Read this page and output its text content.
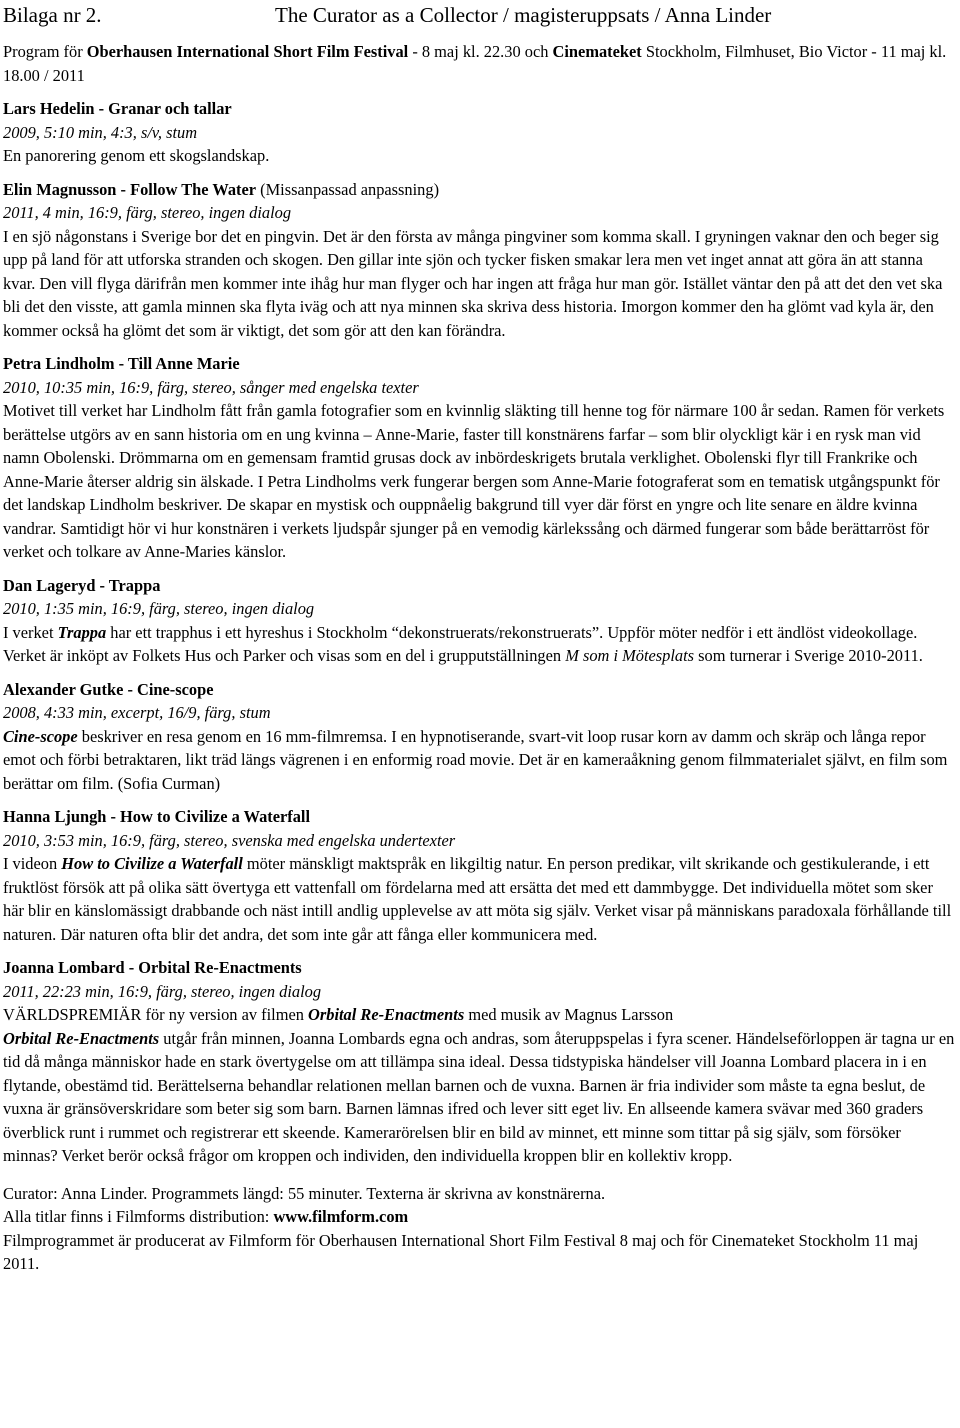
Bilaga nr 2.	The Curator as a Collector / magisteruppsats / Anna Linder

Program för Oberhausen International Short Film Festival - 8 maj kl. 22.30 och Cinemateket Stockholm, Filmhuset, Bio Victor - 11 maj kl. 18.00 / 2011

Lars Hedelin - Granar och tallar

2009, 5:10 min, 4:3, s/v, stum

En panorering genom ett skogslandskap.

Elin Magnusson - Follow The Water (Missanpassad anpassning)

2011, 4 min, 16:9, färg, stereo, ingen dialog

I en sjö någonstans i Sverige bor det en pingvin. Det är den första av många pingviner som komma skall. I gryningen vaknar den och beger sig upp på land för att utforska stranden och skogen. Den gillar inte sjön och tycker fisken smakar lera men vet inget annat att göra än att stanna kvar. Den vill flyga därifrån men kommer inte ihåg hur man flyger och har ingen att fråga hur man gör. Istället väntar den på att det den vet ska bli det den visste, att gamla minnen ska flyta iväg och att nya minnen ska skriva dess historia. Imorgon kommer den ha glömt vad kyla är, den kommer också ha glömt det som är viktigt, det som gör att den kan förändra.

Petra Lindholm - Till Anne Marie

2010, 10:35 min, 16:9, färg, stereo, sånger med engelska texter

Motivet till verket har Lindholm fått från gamla fotografier som en kvinnlig släkting till henne tog för närmare 100 år sedan. Ramen för verkets berättelse utgörs av en sann historia om en ung kvinna – Anne-Marie, faster till konstnärens farfar – som blir olyckligt kär i en rysk man vid namn Obolenski. Drömmarna om en gemensam framtid grusas dock av inbördeskrigets brutala verklighet. Obolenski flyr till Frankrike och Anne-Marie återser aldrig sin älskade. I Petra Lindholms verk fungerar bergen som Anne-Marie fotograferat som en tematisk utgångspunkt för det landskap Lindholm beskriver. De skapar en mystisk och ouppnåelig bakgrund till vyer där först en yngre och lite senare en äldre kvinna vandrar. Samtidigt hör vi hur konstnären i verkets ljudspår sjunger på en vemodig kärlekssång och därmed fungerar som både berättarröst för verket och tolkare av Anne-Maries känslor.

Dan Lageryd - Trappa

2010, 1:35 min, 16:9, färg, stereo, ingen dialog

I verket Trappa har ett trapphus i ett hyreshus i Stockholm “dekonstruerats/rekonstruerats”. Uppför möter nedför i ett ändlöst videokollage. Verket är inköpt av Folkets Hus och Parker och visas som en del i grupputställningen M som i Mötesplats som turnerar i Sverige 2010-2011.

Alexander Gutke - Cine-scope

2008, 4:33 min, excerpt, 16/9, färg, stum

Cine-scope beskriver en resa genom en 16 mm-filmremsa. I en hypnotiserande, svart-vit loop rusar korn av damm och skräp och långa repor emot och förbi betraktaren, likt träd längs vägrenen i en enformig road movie. Det är en kameraåkning genom filmmaterialet självt, en film som berättar om film. (Sofia Curman)

Hanna Ljungh - How to Civilize a Waterfall

2010, 3:53 min, 16:9, färg, stereo, svenska med engelska undertexter

I videon How to Civilize a Waterfall möter mänskligt maktspråk en likgiltig natur. En person predikar, vilt skrikande och gestikulerande, i ett fruktlöst försök att på olika sätt övertyga ett vattenfall om fördelarna med att ersätta det med ett dammbygge. Det individuella mötet som sker här blir en känslomässigt drabbande och näst intill andlig upplevelse av att möta sig själv. Verket visar på människans paradoxala förhållande till naturen. Där naturen ofta blir det andra, det som inte går att fånga eller kommunicera med.

Joanna Lombard - Orbital Re-Enactments

2011, 22:23 min, 16:9, färg, stereo, ingen dialog

VÄRLDSPREMIÄR för ny version av filmen Orbital Re-Enactments med musik av Magnus Larsson

Orbital Re-Enactments utgår från minnen, Joanna Lombards egna och andras, som återuppspelas i fyra scener. Händelseförloppen är tagna ur en tid då många människor hade en stark övertygelse om att tillämpa sina ideal. Dessa tidstypiska händelser vill Joanna Lombard placera in i en flytande, obestämd tid. Berättelserna behandlar relationen mellan barnen och de vuxna. Barnen är fria individer som måste ta egna beslut, de vuxna är gränsöverskridare som beter sig som barn. Barnen lämnas ifred och lever sitt eget liv. En allseende kamera svävar med 360 graders överblick runt i rummet och registrerar ett skeende. Kamerarörelsen blir en bild av minnet, ett minne som tittar på sig själv, som försöker minnas? Verket berör också frågor om kroppen och individen, den individuella kroppen blir en kollektiv kropp.

Curator: Anna Linder. Programmets längd: 55 minuter. Texterna är skrivna av konstnärerna.

Alla titlar finns i Filmforms distribution: www.filmform.com

Filmprogrammet är producerat av Filmform för Oberhausen International Short Film Festival 8 maj och för Cinemateket Stockholm 11 maj 2011.
